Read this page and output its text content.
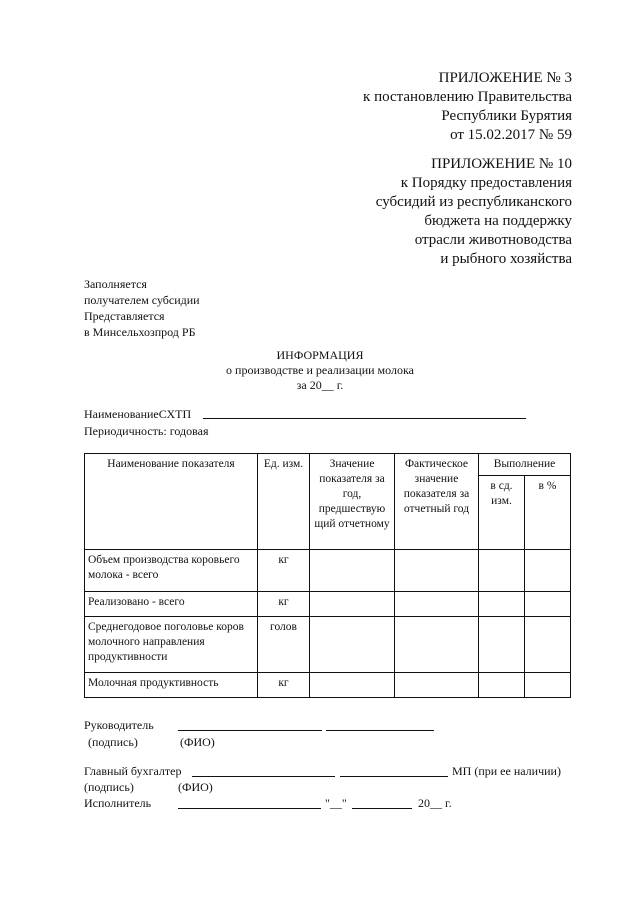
ПРИЛОЖЕНИЕ № 3
к постановлению Правительства
Республики Бурятия
от 15.02.2017 № 59
ПРИЛОЖЕНИЕ № 10
к Порядку предоставления
субсидий из республиканского
бюджета на поддержку
отрасли животноводства
и рыбного хозяйства
Заполняется
получателем субсидии
Представляется
в Минсельхозпрод РБ
ИНФОРМАЦИЯ
о производстве и реализации молока
за 20__ г.
НаименованиеСХТП
Периодичность: годовая
Наименование показателя	Ед. изм.	Значение показателя за год, предшествую щий отчетному	Фактическое значение показателя за отчетный год	Выполнение	
				в сд. изм.	в %
Объем производства коровьего молока - всего	кг				
Реализовано - всего	кг				
Среднегодовое поголовье коров молочного направления продуктивности	голов				
Молочная продуктивность	кг				
Руководитель
(подпись)	(ФИО)
Главный бухгалтер	МП (при ее наличии)
(подпись)	(ФИО)
Исполнитель	"__"	20__ г.
